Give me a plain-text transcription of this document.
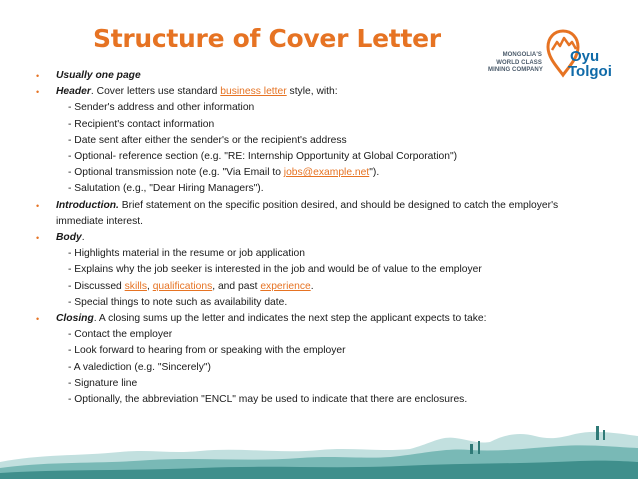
Structure of Cover Letter
MONGOLIA'S
WORLD CLASS
MINING COMPANY
Oyu
Tolgoi
• Usually one page
• Header. Cover letters use standard business letter style, with:
- Sender's address and other information
- Recipient's contact information
- Date sent after either the sender's or the recipient's address
- Optional- reference section (e.g. "RE: Internship Opportunity at Global Corporation")
- Optional transmission note (e.g. "Via Email to jobs@example.net").
- Salutation (e.g., "Dear Hiring Managers").
• Introduction. Brief statement on the specific position desired, and should be designed to catch the employer's immediate interest.
• Body.
- Highlights material in the resume or job application
- Explains why the job seeker is interested in the job and would be of value to the employer
- Discussed skills, qualifications, and past experience.
- Special things to note such as availability date.
• Closing. A closing sums up the letter and indicates the next step the applicant expects to take:
- Contact the employer
- Look forward to hearing from or speaking with the employer
- A valediction (e.g. "Sincerely")
- Signature line
- Optionally, the abbreviation "ENCL" may be used to indicate that there are enclosures.
